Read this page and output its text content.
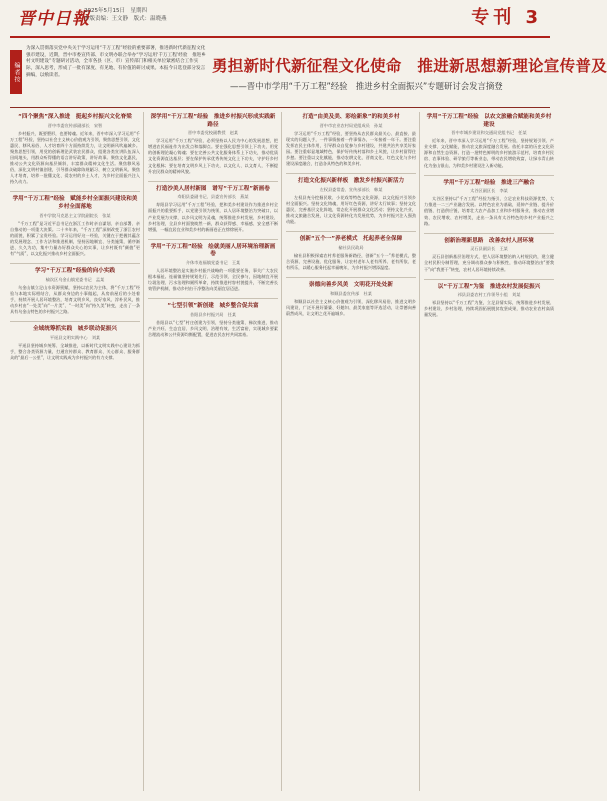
晋中日報
2025年5月15日　星期四
本版责编：王文静　版式：温晓燕	专刊 3
编者按
为深入贯彻落实党中央关于学习运用“千万工程”经验的重要部署，推进新时代新征程文化强市建设，近期，晋中市委宣传部、市文明办联合举办“学习运用‘千万工程’经验　推进乡村文明建设”专题研讨活动，全市各县（区、市）宣传部门和相关单位紧密结合工作实际，深入思考，形成了一批有深度、有见地、有价值的研讨成果。本报今日选登部分发言摘编，以飨读者。
勇担新时代新征程文化使命　推进新思想新理论宣传普及
——晋中市学用“千万工程”经验　推进乡村全面振兴”专题研讨会发言摘登
“四个聚焦”深入推进　挺起乡村振兴文化脊梁
晋中市委宣传部副部长　宋智
乡村振兴，既要塑形，也要铸魂。近年来，晋中市深入学习运用“千万工程”经验，坚持以社会主义核心价值观为引领，聚焦思想引领、文化惠民、移风易俗、人才培育四个方面持续发力，让文明新风吹遍城乡。聚焦思想引领，用党的创新理论武装农民群众，组建各类宣讲队伍深入田间地头，用群众听得懂的语言讲好政策、讲好故事。聚焦文化惠民，推动公共文化资源向基层倾斜，丰富群众精神文化生活。聚焦移风易俗，深化文明村镇创建，引导群众破除陈规陋习、树立文明新风。聚焦人才培育，培养一批懂文化、爱农村的乡土人才，为乡村全面振兴注入持久动力。
学用“千万工程”经验　赋能乡村全面振兴建设和美乡村全面落地
晋中学院马克思主义学院副院长　张某
“千万工程”是习近平总书记在浙江工作时亲自谋划、亲自部署、亲自推动的一项重大决策。二十多年来，“千万工程”深刻改变了浙江农村的面貌，积累了宝贵经验。学习运用好这一经验，关键在于把握其蕴含的发展理念、工作方法和推进机制，坚持因地制宜、分类施策，循序渐进、久久为功，集中力量办好群众关心的实事，让乡村既有“颜值”更有“气质”，以文化振兴推动乡村全面振兴。
学习“千万工程”经验的向小实践
榆次区乌金山镇党委书记　孟某
乌金山镇立足山水资源禀赋，坚持以农民为主体，将“千万工程”经验与本地实际相结合，从群众身边的小事做起，从房前屋后的小处着手，持续开展人居环境整治，培育文明乡风、良好家风、淳朴民风，推动乡村由“一处美”向“一片美”、“一时美”向“持久美”转变，走出了一条具有乌金山特色的乡村振兴之路。
全域统筹抓实践　城乡联动促振兴
平遥县文明实践中心　刘某
平遥县坚持城乡统筹、全域推进，以新时代文明实践中心建设为抓手，整合各类资源力量，打通宣传群众、教育群众、关心群众、服务群众的“最后一公里”，让文明实践成为乡村振兴的有力支撑。
深学用“千万工程”经验　推进乡村振兴形成实践新路径
晋中市委党校副教授　赵某
学习运用“千万工程”经验，必须坚持以人民为中心的发展思想，把增进农民福祉作为出发点和落脚点。要在强化思想引领上下功夫，用党的创新理论凝心铸魂；要在完善公共文化服务体系上下功夫，推动优质文化资源直达基层；要在保护传承优秀传统文化上下功夫，守护好乡村文化根脉；要在培育文明乡风上下功夫，以文化人、以文育人，不断提升农民群众的精神风貌。
打造沙美人居村新图　谱写“千万工程”新画卷
寿阳县委副书记、县委宣传部长　燕某
寿阳县学习运用“千万工程”经验，把和美乡村建设作为推进乡村全面振兴的重要抓手，以党建引领为统领，以人居环境整治为突破口，以产业发展为支撑，以乡风文明为灵魂，统筹推进乡村发展、乡村建设、乡村治理，全县乡村面貌焕然一新，群众获得感、幸福感、安全感不断增强，一幅宜居宜业和美乡村的新画卷正在徐徐展开。
学用“千万工程”经验　绘就美丽人居环境治理新画卷
介休市连福镇党委书记　王某
人居环境整治是实施乡村振兴战略的一项重要任务，事关广大农民根本福祉。连福镇坚持规划先行、示范引领、全民参与，因地制宜开展垃圾治理、污水治理和厕所革命，持续推进村容村貌提升，不断完善长效管护机制，推动乡村由干净整洁向美丽宜居迈进。
“七型引领”新创建　城乡整合促共富
昔阳县乡村振兴局　任某
昔阳县以“七型”村庄创建为引领，坚持分类施策、梯次推进，推动产业兴旺、生态宜居、乡风文明、治理有效、生活富裕，实现城乡要素合理流动和公共资源均衡配置，促进农民农村共同富裕。
打造“由美及美、彩绘新象”的和美乡村
晋中市农业农村局党组成员　孙某
学习运用“千万工程”经验，要坚持从农民群众最关心、最直接、最现实的问题入手，一件事情接着一件事情办，一年接着一年干。要注重发挥农民主体作用，引导群众自觉参与乡村建设，共建共治共享美好家园。要注重彰显地域特色，保护好传统村落和乡土风貌，让乡村留得住乡愁。要注重以文化赋能，推动农耕文化、晋商文化、红色文化与乡村建设深度融合，打造各具特色的和美乡村。
打造文化振兴新样板　激发乡村振兴新活力
左权县委常委、宣传部部长　韩某
左权县充分挖掘民歌、小花戏等特色文化资源，以文化振兴引领乡村全面振兴。坚持文化铸魂，用好红色资源，讲好太行故事；坚持文化惠民，完善基层文化阵地，常态化开展群众文化活动；坚持文化兴业，推动文旅融合发展，让文化资源转化为发展优势，为乡村振兴注入强劲动能。
创新“五个一”养老模式　托起养老全保障
榆社县民政局
榆社县积极探索农村养老服务新路径，创新“五个一”养老模式，整合资源、完善设施、优化服务，让农村老年人老有所养、老有所依、老有所乐，以暖心服务托起幸福晚年，为乡村振兴增添温度。
崇德向善乡风美　文明花开处处新
和顺县委宣传部　杜某
和顺县以社会主义核心价值观为引领，深化移风易俗，推进文明乡风建设，广泛开展好婆婆、好媳妇、最美家庭等评选活动，让崇德向善蔚然成风，让文明之花开遍城乡。
学用“千万工程”经验　以农文旅融合赋能和美乡村建设
晋中市城乡建设和交通局党组书记　任某
近年来，晋中市深入学习运用“千万工程”经验，坚持规划引领、产业支撑、文化赋能，推动农文旅深度融合发展。依托丰富的历史文化资源和自然生态资源，打造一批特色鲜明的乡村旅游示范村，培育乡村民宿、农事体验、研学旅行等新业态，带动农民增收致富，让绿水青山转化为金山银山，为和美乡村建设注入新动能。
学用“千万工程”经验　推进三产融合
太谷区副区长　李某
太谷区坚持以“千万工程”经验为指引，立足农业科技资源优势，大力推进一二三产业融合发展。以特色农业为基础，延伸产业链、提升价值链、打造供应链，培育壮大农产品加工业和乡村服务业，推动农业增效、农民增收、农村增美，走出一条具有太谷特色的乡村产业振兴之路。
创新治理新思路　改善农村人居环境
灵石县副县长　王某
灵石县创新基层治理方式，把人居环境整治纳入村规民约，建立健全村民积分制管理，充分调动群众参与积极性，推动环境整治由“要我干”向“我要干”转变，农村人居环境持续改善。
以“千万工程”为鉴　推进农村发展促振兴
祁县县委农村工作领导小组　刘某
祁县坚持以“千万工程”为鉴，立足县情实际，统筹推进乡村发展、乡村建设、乡村治理，持续巩固拓展脱贫攻坚成果，推动农业农村高质量发展。
